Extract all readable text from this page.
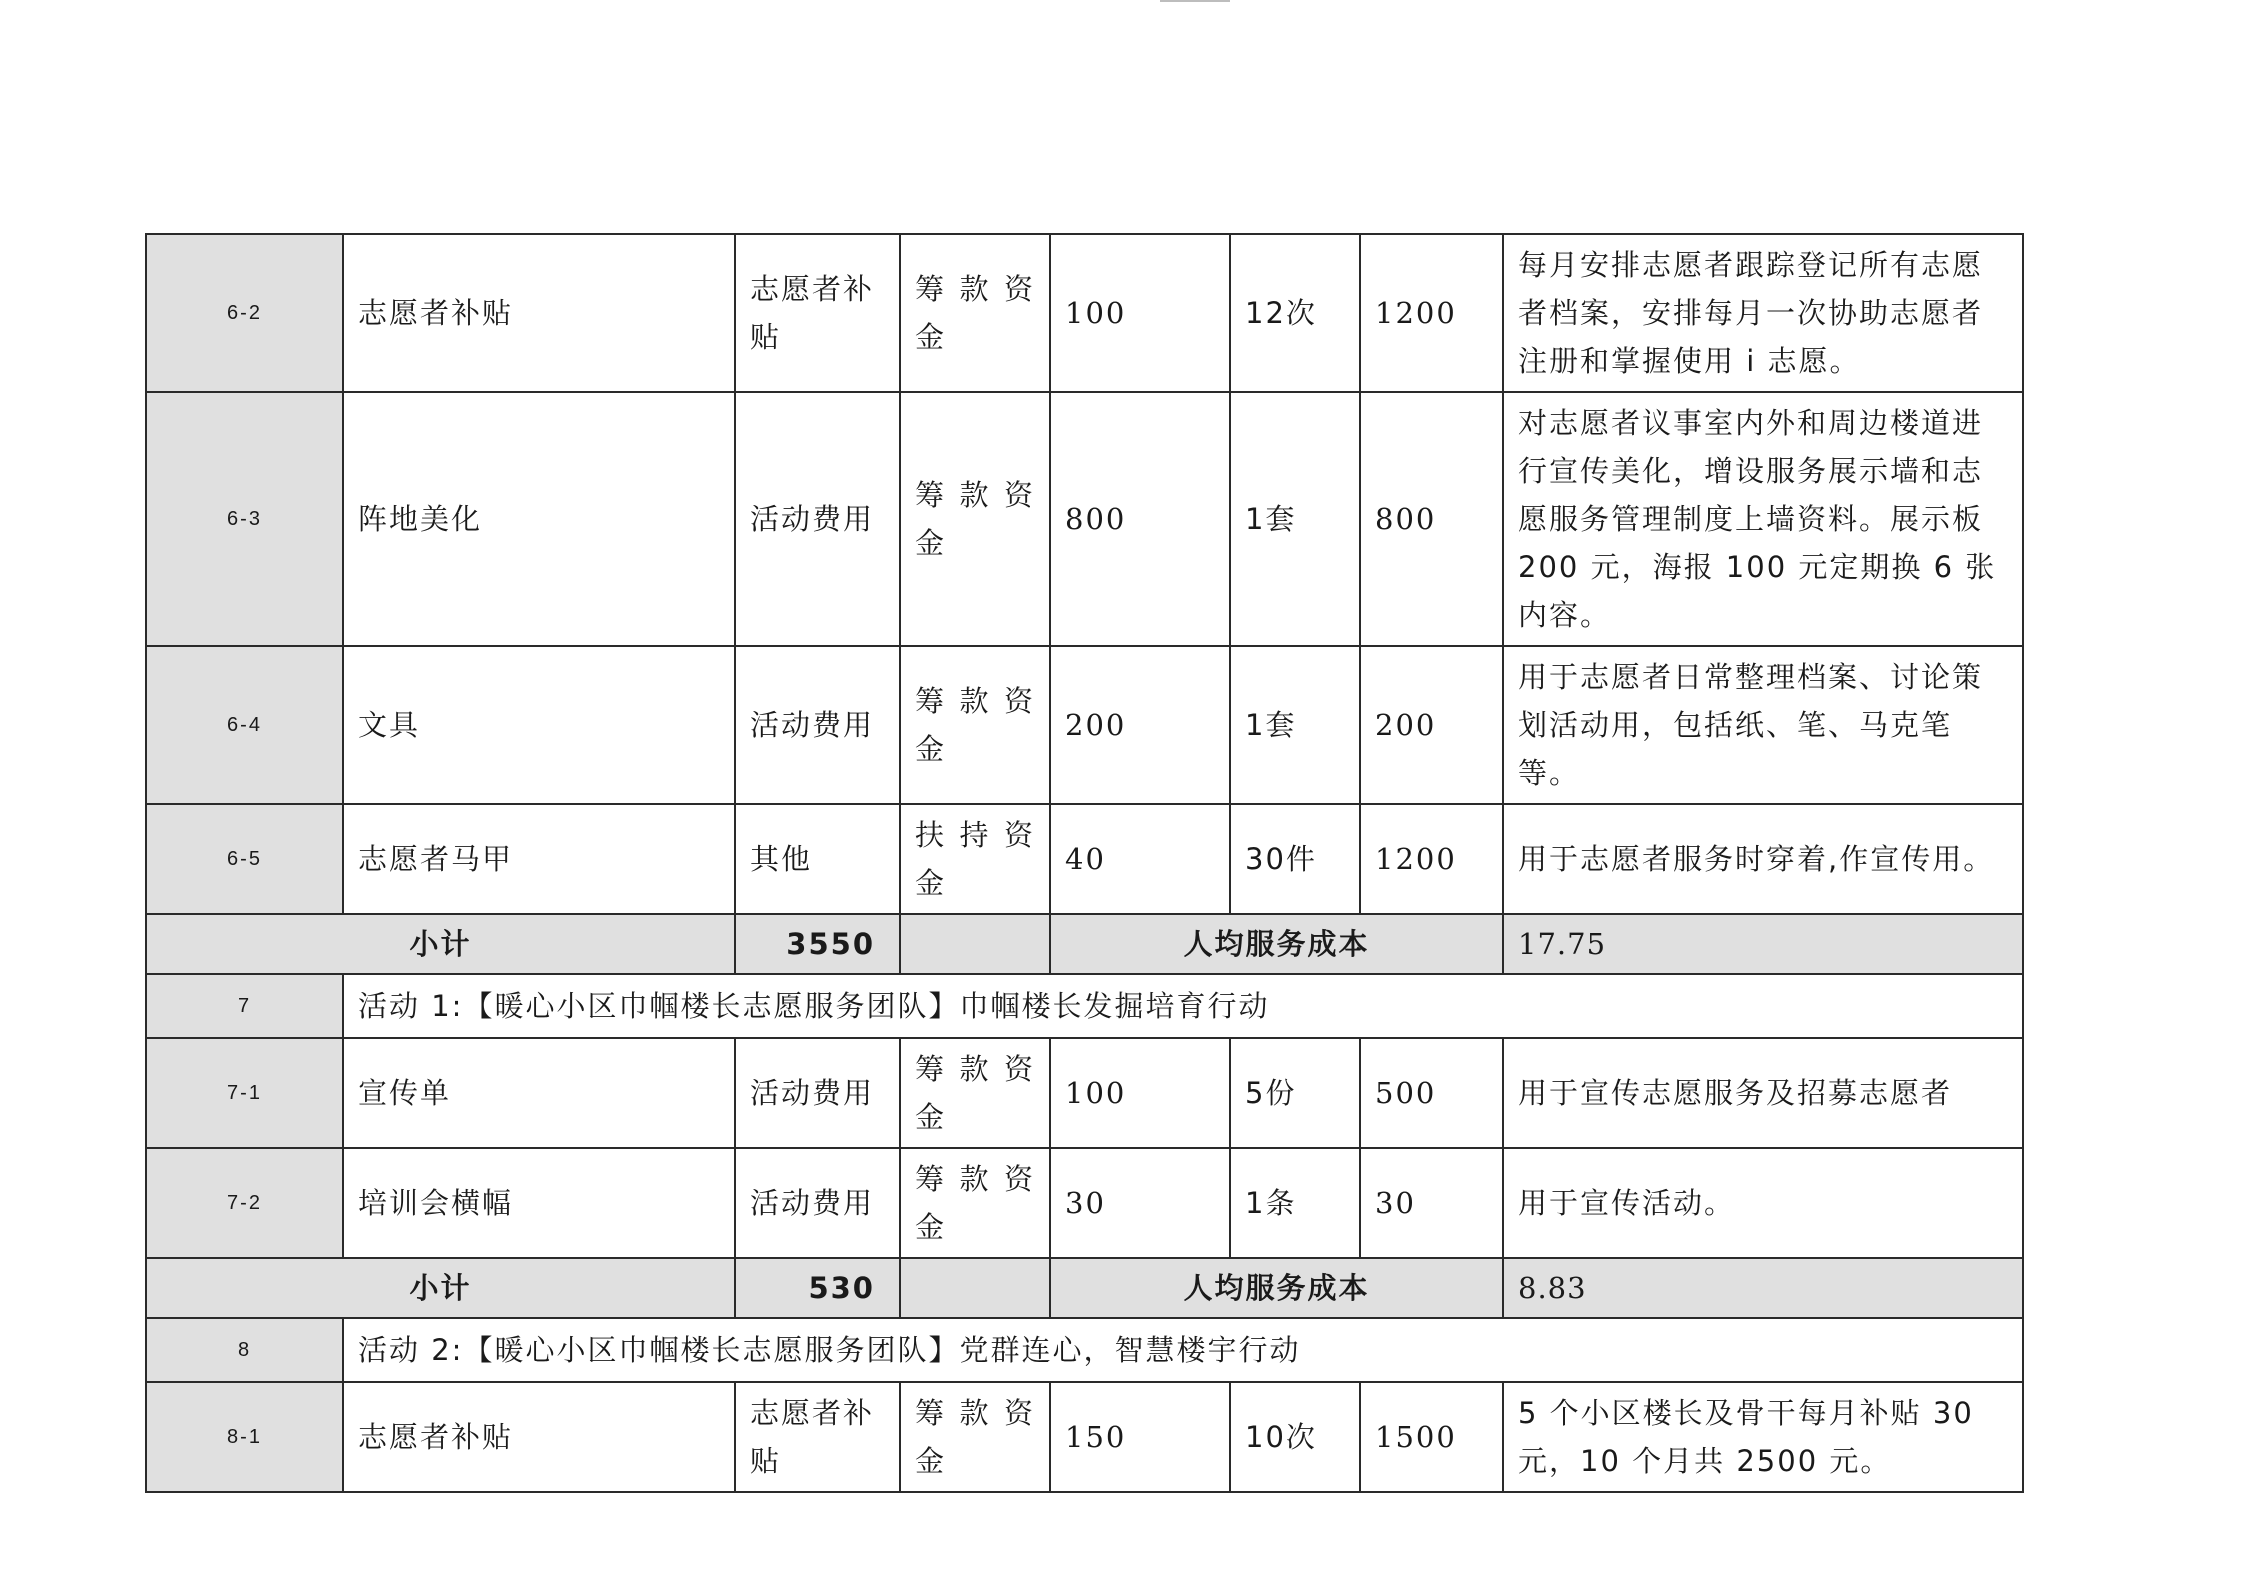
6-2	志愿者补贴	志愿者补贴	筹款资金	100	12次	1200	每月安排志愿者跟踪登记所有志愿者档案，安排每月一次协助志愿者注册和掌握使用 i 志愿。
6-3	阵地美化	活动费用	筹款资金	800	1套	800	对志愿者议事室内外和周边楼道进行宣传美化，增设服务展示墙和志愿服务管理制度上墙资料。展示板 200 元，海报 100 元定期换 6 张内容。
6-4	文具	活动费用	筹款资金	200	1套	200	用于志愿者日常整理档案、讨论策划活动用，包括纸、笔、马克笔等。
6-5	志愿者马甲	其他	扶持资金	40	30件	1200	用于志愿者服务时穿着,作宣传用。
小计		3550		人均服务成本			17.75
7	活动 1:【暖心小区巾帼楼长志愿服务团队】巾帼楼长发掘培育行动						
7-1	宣传单	活动费用	筹款资金	100	5份	500	用于宣传志愿服务及招募志愿者
7-2	培训会横幅	活动费用	筹款资金	30	1条	30	用于宣传活动。
小计		530		人均服务成本			8.83
8	活动 2:【暖心小区巾帼楼长志愿服务团队】党群连心，智慧楼宇行动						
8-1	志愿者补贴	志愿者补贴	筹款资金	150	10次	1500	5 个小区楼长及骨干每月补贴 30 元，10 个月共 2500 元。
